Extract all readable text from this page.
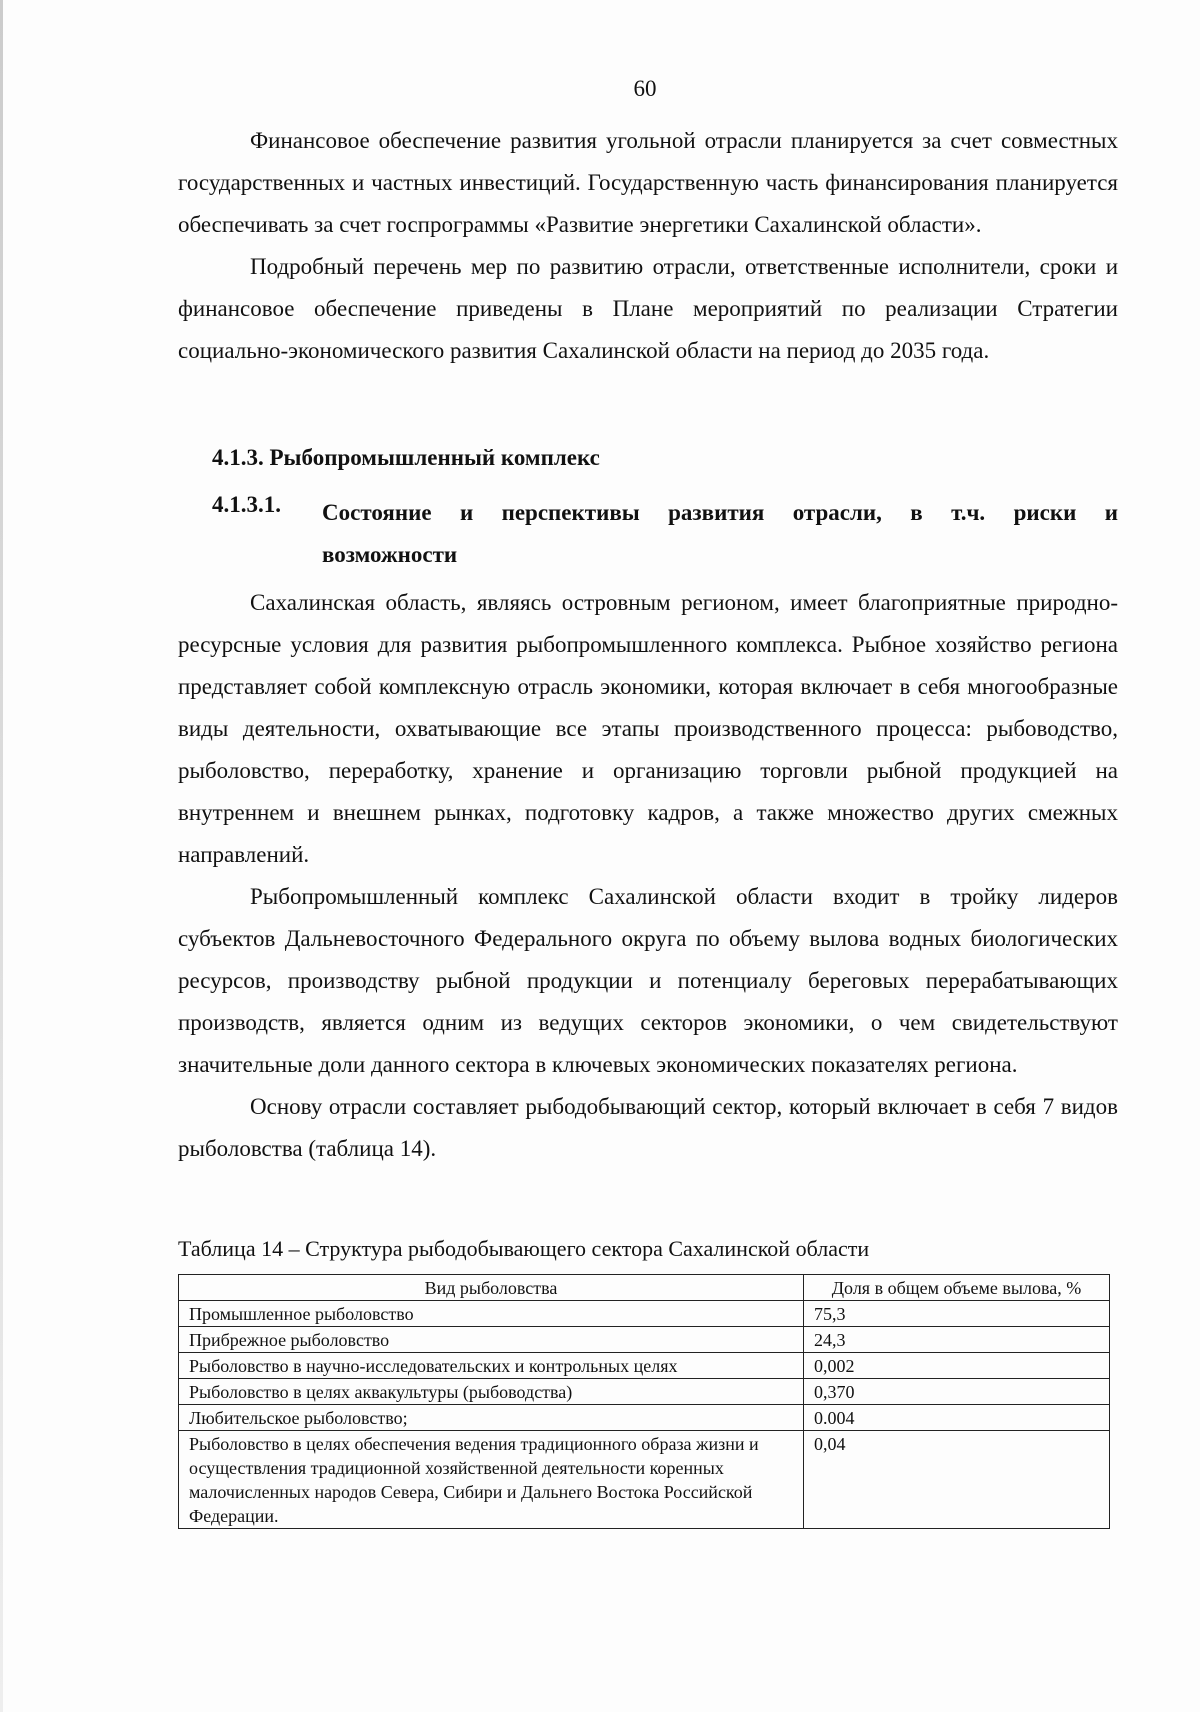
60

Финансовое обеспечение развития угольной отрасли планируется за счет совместных государственных и частных инвестиций. Государственную часть финансирования планируется обеспечивать за счет госпрограммы «Развитие энергетики Сахалинской области».

Подробный перечень мер по развитию отрасли, ответственные исполнители, сроки и финансовое обеспечение приведены в Плане мероприятий по реализации Стратегии социально-экономического развития Сахалинской области на период до 2035 года.

4.1.3. Рыбопромышленный комплекс
4.1.3.1. Состояние и перспективы развития отрасли, в т.ч. риски и возможности

Сахалинская область, являясь островным регионом, имеет благоприятные природно-ресурсные условия для развития рыбопромышленного комплекса. Рыбное хозяйство региона представляет собой комплексную отрасль экономики, которая включает в себя многообразные виды деятельности, охватывающие все этапы производственного процесса: рыбоводство, рыболовство, переработку, хранение и организацию торговли рыбной продукцией на внутреннем и внешнем рынках, подготовку кадров, а также множество других смежных направлений.

Рыбопромышленный комплекс Сахалинской области входит в тройку лидеров субъектов Дальневосточного Федерального округа по объему вылова водных биологических ресурсов, производству рыбной продукции и потенциалу береговых перерабатывающих производств, является одним из ведущих секторов экономики, о чем свидетельствуют значительные доли данного сектора в ключевых экономических показателях региона.

Основу отрасли составляет рыбодобывающий сектор, который включает в себя 7 видов рыболовства (таблица 14).

Таблица 14 – Структура рыбодобывающего сектора Сахалинской области
Вид рыболовства	Доля в общем объеме вылова, %
Промышленное рыболовство	75,3
Прибрежное рыболовство	24,3
Рыболовство в научно-исследовательских и контрольных целях	0,002
Рыболовство в целях аквакультуры (рыбоводства)	0,370
Любительское рыболовство;	0.004
Рыболовство в целях обеспечения ведения традиционного образа жизни и осуществления традиционной хозяйственной деятельности коренных малочисленных народов Севера, Сибири и Дальнего Востока Российской Федерации.	0,04
